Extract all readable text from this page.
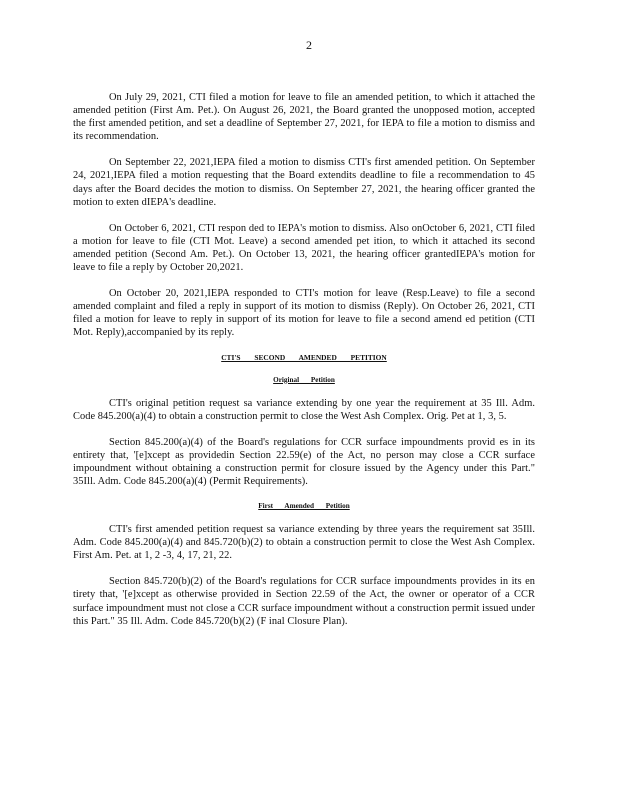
2

On July 29, 2021, CTI filed a motion for leave to file an amended petition, to which it attached the amended petition (First Am. Pet.). On August 26, 2021, the Board granted the unopposed motion, accepted the first amended petition, and set a deadline of September 27, 2021, for IEPA to file a motion to dismiss and its recommendation.

On September 22, 2021,IEPA filed a motion to dismiss CTI's first amended petition. On September 24, 2021,IEPA filed a motion requesting that the Board extendits deadline to file a recommendation to 45 days after the Board decides the motion to dismiss. On September 27, 2021, the hearing officer granted the motion to exten dIEPA's deadline.

On October 6, 2021, CTI respon ded to IEPA's motion to dismiss. Also onOctober 6, 2021, CTI filed a motion for leave to file (CTI Mot. Leave) a second amended pet ition, to which it attached its second amended petition (Second Am. Pet.). On October 13, 2021, the hearing officer grantedIEPA's motion for leave to file a reply by October 20,2021.

On October 20, 2021,IEPA responded to CTI's motion for leave (Resp.Leave) to file a second amended complaint and filed a reply in support of its motion to dismiss (Reply). On October 26, 2021, CTI filed a motion for leave to reply in support of its motion for leave to file a second amend ed petition (CTI Mot. Reply),accompanied by its reply.

CTI'S SECOND AMENDED PETITION
Original Petition

CTI's original petition request sa variance extending by one year the requirement at 35 Ill. Adm. Code 845.200(a)(4) to obtain a construction permit to close the West Ash Complex. Orig. Pet at 1, 3, 5.

Section 845.200(a)(4) of the Board's regulations for CCR surface impoundments provid es in its entirety that, '[e]xcept as providedin Section 22.59(e) of the Act, no person may close a CCR surface impoundment without obtaining a construction permit for closure issued by the Agency under this Part." 35Ill. Adm. Code 845.200(a)(4) (Permit Requirements).

First Amended Petition

CTI's first amended petition request sa variance extending by three years the requirement sat 35Ill. Adm. Code 845.200(a)(4) and 845.720(b)(2) to obtain a construction permit to close the West Ash Complex. First Am. Pet. at 1, 2 -3, 4, 17, 21, 22.

Section 845.720(b)(2) of the Board's regulations for CCR surface impoundments provides in its en tirety that, '[e]xcept as otherwise provided in Section 22.59 of the Act, the owner or operator of a CCR surface impoundment must not close a CCR surface impoundment without a construction permit issued under this Part." 35 Ill. Adm. Code 845.720(b)(2) (F inal Closure Plan).
